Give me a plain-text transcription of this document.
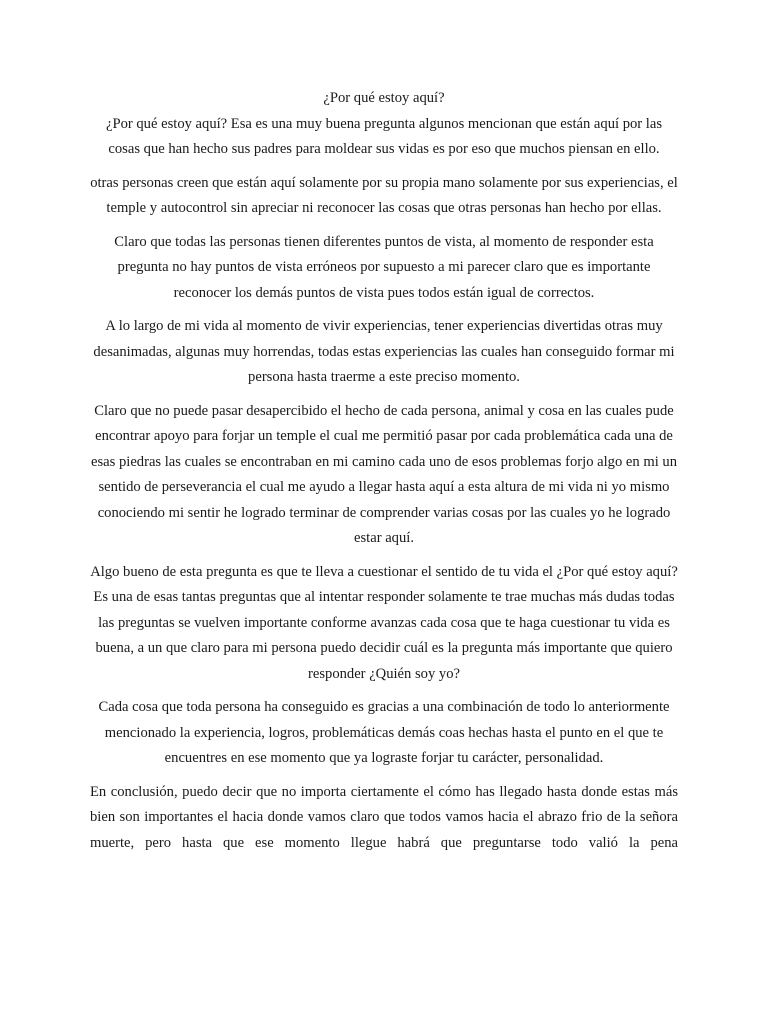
¿Por qué estoy aquí?

¿Por qué estoy aquí? Esa es una muy buena pregunta algunos mencionan que están aquí por las cosas que han hecho sus padres para moldear sus vidas es por eso que muchos piensan en ello.

otras personas creen que están aquí solamente por su propia mano solamente por sus experiencias, el temple y autocontrol sin apreciar ni reconocer las cosas que otras personas han hecho por ellas.

Claro que todas las personas tienen diferentes puntos de vista, al momento de responder esta pregunta no hay puntos de vista erróneos por supuesto a mi parecer claro que es importante reconocer los demás puntos de vista pues todos están igual de correctos.

A lo largo de mi vida al momento de vivir experiencias, tener experiencias divertidas otras muy desanimadas, algunas muy horrendas, todas estas experiencias las cuales han conseguido formar mi persona hasta traerme a este preciso momento.

Claro que no puede pasar desapercibido el hecho de cada persona, animal y cosa en las cuales pude encontrar apoyo para forjar un temple el cual me permitió pasar por cada problemática cada una de esas piedras las cuales se encontraban en mi camino cada uno de esos problemas forjo algo en mi un sentido de perseverancia el cual me ayudo a llegar hasta aquí a esta altura de mi vida ni yo mismo conociendo mi sentir he logrado terminar de comprender varias cosas por las cuales yo he logrado estar aquí.

Algo bueno de esta pregunta es que te lleva a cuestionar el sentido de tu vida el ¿Por qué estoy aquí? Es una de esas tantas preguntas que al intentar responder solamente te trae muchas más dudas todas las preguntas se vuelven importante conforme avanzas cada cosa que te haga cuestionar tu vida es buena, a un que claro para mi persona puedo decidir cuál es la pregunta más importante que quiero responder ¿Quién soy yo?

Cada cosa que toda persona ha conseguido es gracias a una combinación de todo lo anteriormente mencionado la experiencia, logros, problemáticas demás coas hechas hasta el punto en el que te encuentres en ese momento que ya lograste forjar tu carácter, personalidad.

En conclusión, puedo decir que no importa ciertamente el cómo has llegado hasta donde estas más bien son importantes el hacia donde vamos claro que todos vamos hacia el abrazo frio de la señora muerte, pero hasta que ese momento llegue habrá que preguntarse todo valió la pena
